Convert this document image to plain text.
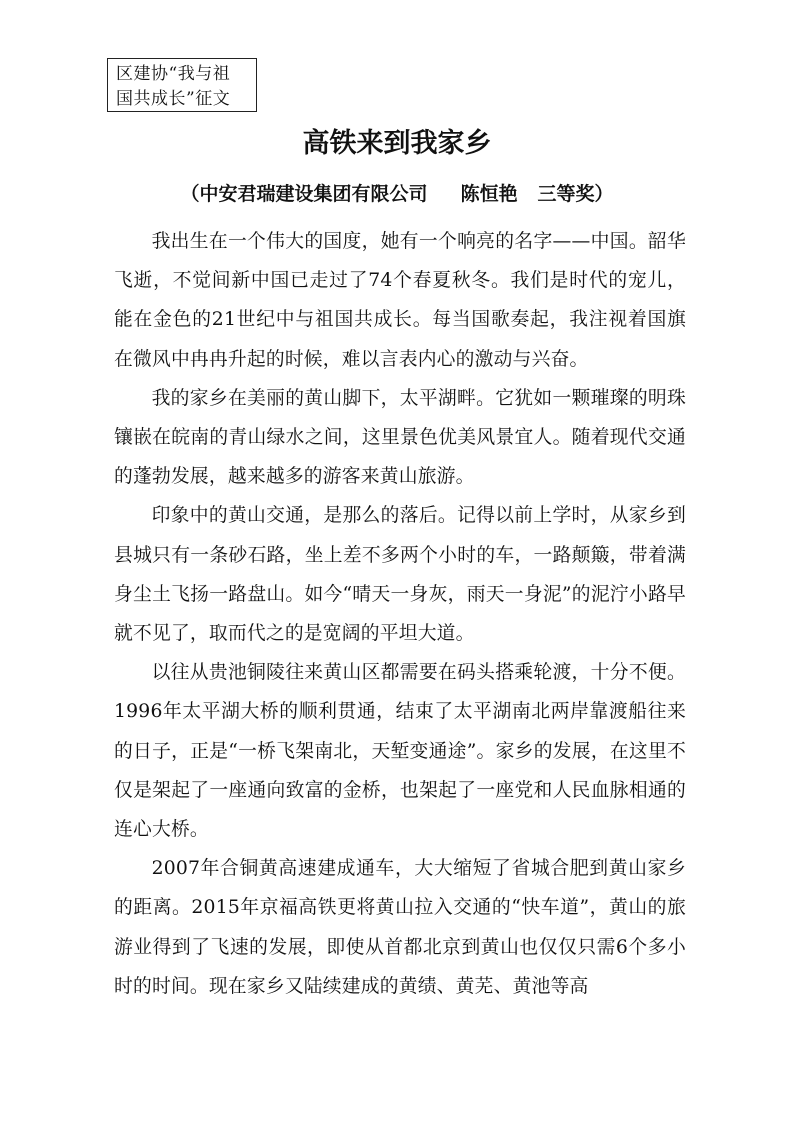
区建协“我与祖
国共成长”征文
高铁来到我家乡
（中安君瑞建设集团有限公司     陈恒艳   三等奖）

我出生在一个伟大的国度，她有一个响亮的名字——中国。韶华飞逝，不觉间新中国已走过了74个春夏秋冬。我们是时代的宠儿，能在金色的21世纪中与祖国共成长。每当国歌奏起，我注视着国旗在微风中冉冉升起的时候，难以言表内心的激动与兴奋。

我的家乡在美丽的黄山脚下，太平湖畔。它犹如一颗璀璨的明珠镶嵌在皖南的青山绿水之间，这里景色优美风景宜人。随着现代交通的蓬勃发展，越来越多的游客来黄山旅游。

印象中的黄山交通，是那么的落后。记得以前上学时，从家乡到县城只有一条砂石路，坐上差不多两个小时的车，一路颠簸，带着满身尘土飞扬一路盘山。如今“晴天一身灰，雨天一身泥”的泥泞小路早就不见了，取而代之的是宽阔的平坦大道。

以往从贵池铜陵往来黄山区都需要在码头搭乘轮渡，十分不便。1996年太平湖大桥的顺利贯通，结束了太平湖南北两岸靠渡船往来的日子，正是“一桥飞架南北，天堑变通途”。家乡的发展，在这里不仅是架起了一座通向致富的金桥，也架起了一座党和人民血脉相通的连心大桥。

2007年合铜黄高速建成通车，大大缩短了省城合肥到黄山家乡的距离。2015年京福高铁更将黄山拉入交通的“快车道”，黄山的旅游业得到了飞速的发展，即使从首都北京到黄山也仅仅只需6个多小时的时间。现在家乡又陆续建成的黄绩、黄芜、黄池等高
